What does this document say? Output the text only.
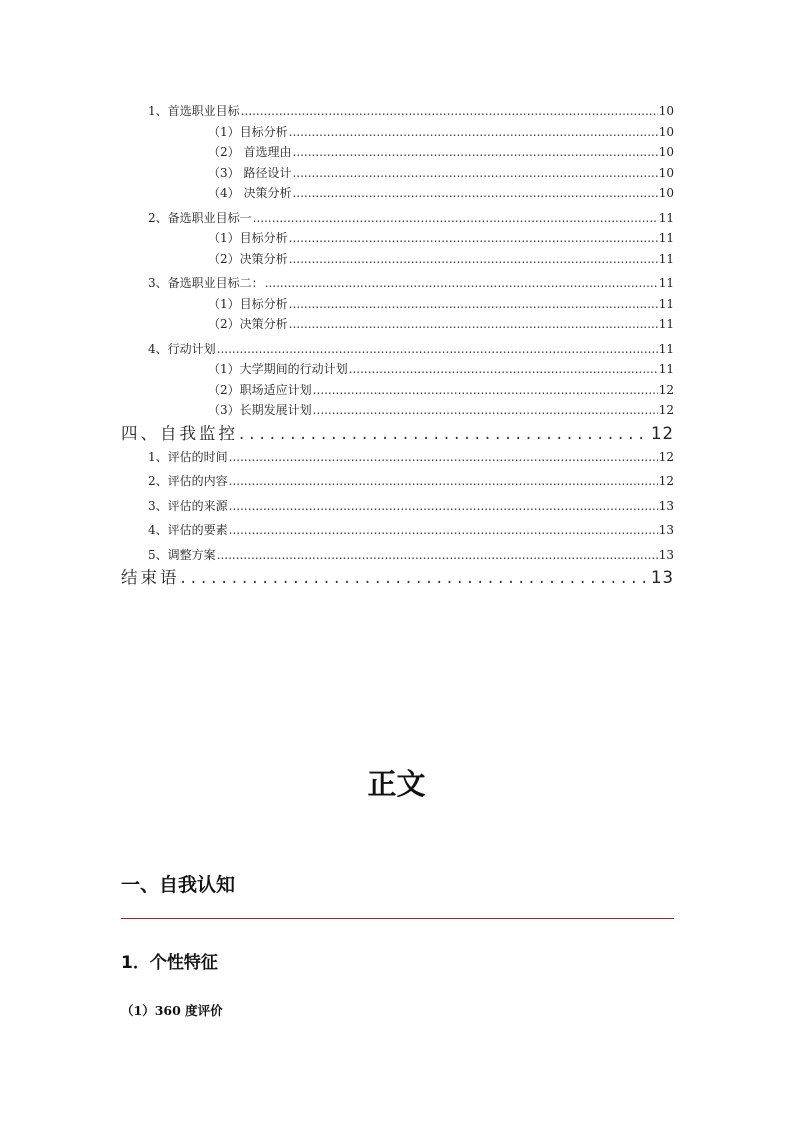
1、首选职业目标 .....	10
（1）目标分析 .....	10
（2） 首选理由 .....	10
（3） 路径设计 .....	10
（4） 决策分析 .....	10
2、备选职业目标一 .....	11
（1）目标分析 .....	11
（2）决策分析 .....	11
3、备选职业目标二： .....	11
（1）目标分析 .....	11
（2）决策分析 .....	11
4、行动计划 .....	11
（1）大学期间的行动计划 .....	11
（2）职场适应计划 .....	12
（3）长期发展计划 .....	12
四、自我监控 .....	12
1、评估的时间 .....	12
2、评估的内容 .....	12
3、评估的来源 .....	13
4、评估的要素 .....	13
5、调整方案 .....	13
结束语 .....	13
正文
一、自我认知
1．个性特征
（1）360 度评价
